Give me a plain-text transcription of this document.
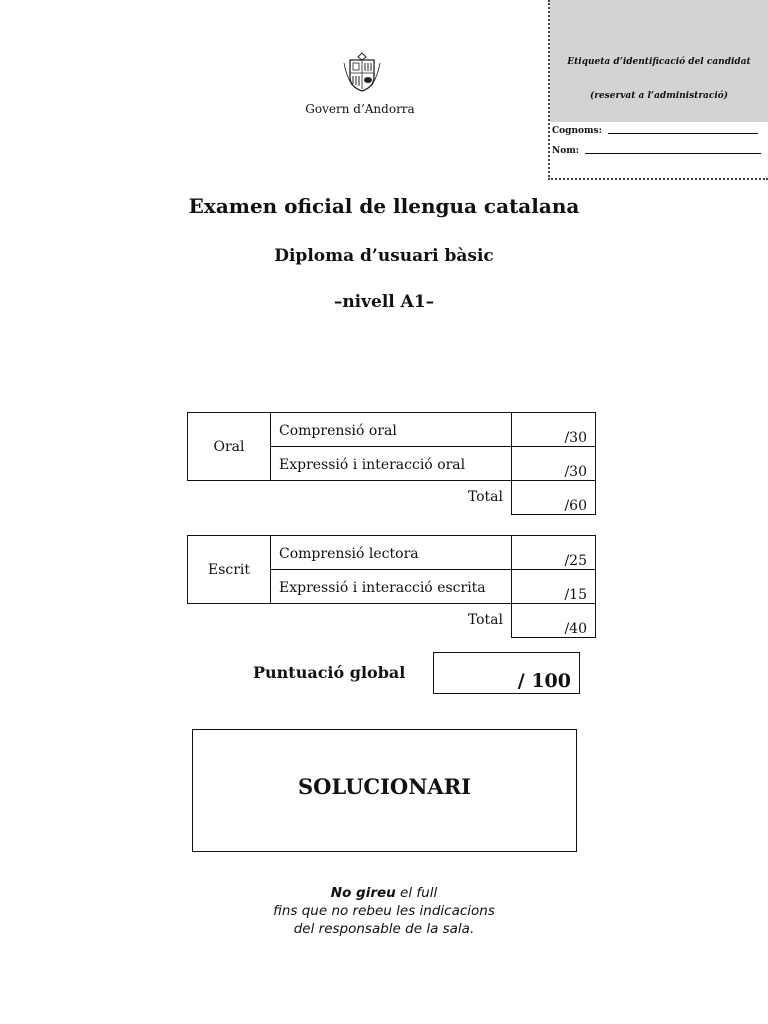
Etiqueta d’identificació del candidat
(reservat a l’administració)
Cognoms:
Nom:
Govern d’Andorra
Examen oficial de llengua catalana
Diploma d’usuari bàsic
–nivell A1–
Oral	Comprensió oral	/30

	Expressió i interacció oral	/30

	Total	/60
Escrit	Comprensió lectora	/25

	Expressió i interacció escrita	/15

	Total	/40
Puntuació global	/ 100
SOLUCIONARI
No gireu el full
fins que no rebeu les indicacions
del responsable de la sala.
